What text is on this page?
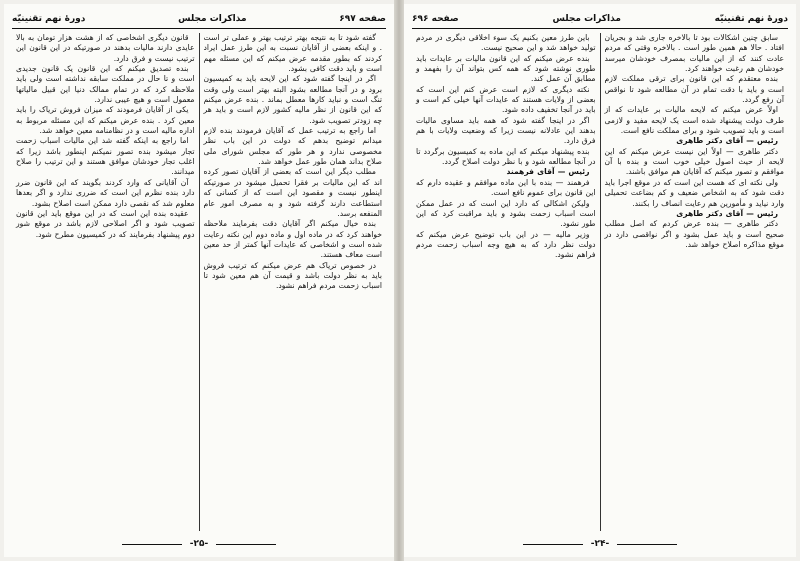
صفحه ۶۹۷
مذاکرات مجلس
دورهٔ نهم تقنینیّه

گفته شود تا به نتیجه بهتر ترتیب بهتر و عملی تر است . و اینکه بعضی از آقایان نسبت به این طرز عمل ایراد کردند که بطور مقدمه عرض میکنم که این مسئله مهم است و باید دقت کافی بشود.

اگر در اینجا گفته شود که این لایحه باید به کمیسیون برود و در آنجا مطالعه بشود البته بهتر است ولی وقت تنگ است و نباید کارها معطل بماند . بنده عرض میکنم که این قانون از نظر مالیه کشور لازم است و باید هر چه زودتر تصویب شود.

اما راجع به ترتیب عمل که آقایان فرمودند بنده لازم میدانم توضیح بدهم که دولت در این باب نظر مخصوصی ندارد و هر طور که مجلس شورای ملی صلاح بداند همان طور عمل خواهد شد.

مطلب دیگر این است که بعضی از آقایان تصور کرده اند که این مالیات بر فقرا تحمیل میشود در صورتیکه اینطور نیست و مقصود این است که از کسانی که استطاعت دارند گرفته شود و به مصرف امور عام المنفعه برسد.

بنده خیال میکنم اگر آقایان دقت بفرمایند ملاحظه خواهند کرد که در ماده اول و ماده دوم این نکته رعایت شده است و اشخاصی که عایدات آنها کمتر از حد معین است معاف هستند.

در خصوص تریاک هم عرض میکنم که ترتیب فروش باید به نظر دولت باشد و قیمت آن هم معین شود تا اسباب زحمت مردم فراهم نشود.

قانون دیگری اشخاصی که از هشت هزار تومان به بالا عایدی دارند مالیات بدهند در صورتیکه در این قانون این ترتیب نیست و فرق دارد.

بنده تصدیق میکنم که این قانون یک قانون جدیدی است و تا حال در مملکت سابقه نداشته است ولی باید ملاحظه کرد که در تمام ممالک دنیا این قبیل مالیاتها معمول است و هیچ عیبی ندارد.

یکی از آقایان فرمودند که میزان فروش تریاک را باید معین کرد . بنده عرض میکنم که این مسئله مربوط به اداره مالیه است و در نظامنامه معین خواهد شد.

اما راجع به اینکه گفته شد این مالیات اسباب زحمت تجار میشود بنده تصور نمیکنم اینطور باشد زیرا که اغلب تجار خودشان موافق هستند و این ترتیب را صلاح میدانند.

آن آقایانی که وارد کردند بگویند که این قانون ضرر دارد بنده نظرم این است که ضرری ندارد و اگر بعدها معلوم شد که نقصی دارد ممکن است اصلاح بشود.

عقیده بنده این است که در این موقع باید این قانون تصویب شود و اگر اصلاحی لازم باشد در موقع شور دوم پیشنهاد بفرمایند که در کمیسیون مطرح شود.

-۲۵-
دورهٔ نهم تقنینیّه
مذاکرات مجلس
صفحه ۶۹۶

سابق چنین اشکالات بود تا بالاخره جاری شد و بجریان افتاد . حالا هم همین طور است . بالاخره وقتی که مردم عادت کنند که از این مالیات بمصرف خودشان میرسد خودشان هم رغبت خواهند کرد.

بنده معتقدم که این قانون برای ترقی مملکت لازم است و باید با دقت تمام در آن مطالعه شود تا نواقص آن رفع گردد.

اولاً عرض میکنم که لایحه مالیات بر عایدات که از طرف دولت پیشنهاد شده است یک لایحه مفید و لازمی است و باید تصویب شود و برای مملکت نافع است.

رئیس — آقای دکتر طاهری

دکتر طاهری — اولاً این نیست عرض میکنم که این لایحه از حیث اصول خیلی خوب است و بنده با آن موافقم و تصور میکنم که آقایان هم موافق باشند.

ولی نکته ای که هست این است که در موقع اجرا باید دقت شود که به اشخاص ضعیف و کم بضاعت تحمیلی وارد نیاید و مأمورین هم رعایت انصاف را بکنند.

رئیس — آقای دکتر طاهری

دکتر طاهری — بنده عرض کردم که اصل مطلب صحیح است و باید عمل بشود و اگر نواقصی دارد در موقع مذاکره اصلاح خواهد شد.

باین طرز معین بکنیم یک سوء اخلاقی دیگری در مردم تولید خواهد شد و این صحیح نیست.

بنده عرض میکنم که این قانون مالیات بر عایدات باید طوری نوشته شود که همه کس بتواند آن را بفهمد و مطابق آن عمل کند.

نکته دیگری که لازم است عرض کنم این است که بعضی از ولایات هستند که عایدات آنها خیلی کم است و باید در آنجا تخفیف داده شود.

اگر در اینجا گفته شود که همه باید مساوی مالیات بدهند این عادلانه نیست زیرا که وضعیت ولایات با هم فرق دارد.

بنده پیشنهاد میکنم که این ماده به کمیسیون برگردد تا در آنجا مطالعه شود و با نظر دولت اصلاح گردد.

رئیس — آقای فرهمند

فرهمند — بنده با این ماده موافقم و عقیده دارم که این قانون برای عموم نافع است.

ولیکن اشکالی که دارد این است که در عمل ممکن است اسباب زحمت بشود و باید مراقبت کرد که این طور نشود.

وزیر مالیه — در این باب توضیح عرض میکنم که دولت نظر دارد که به هیچ وجه اسباب زحمت مردم فراهم نشود.

-۲۴-
